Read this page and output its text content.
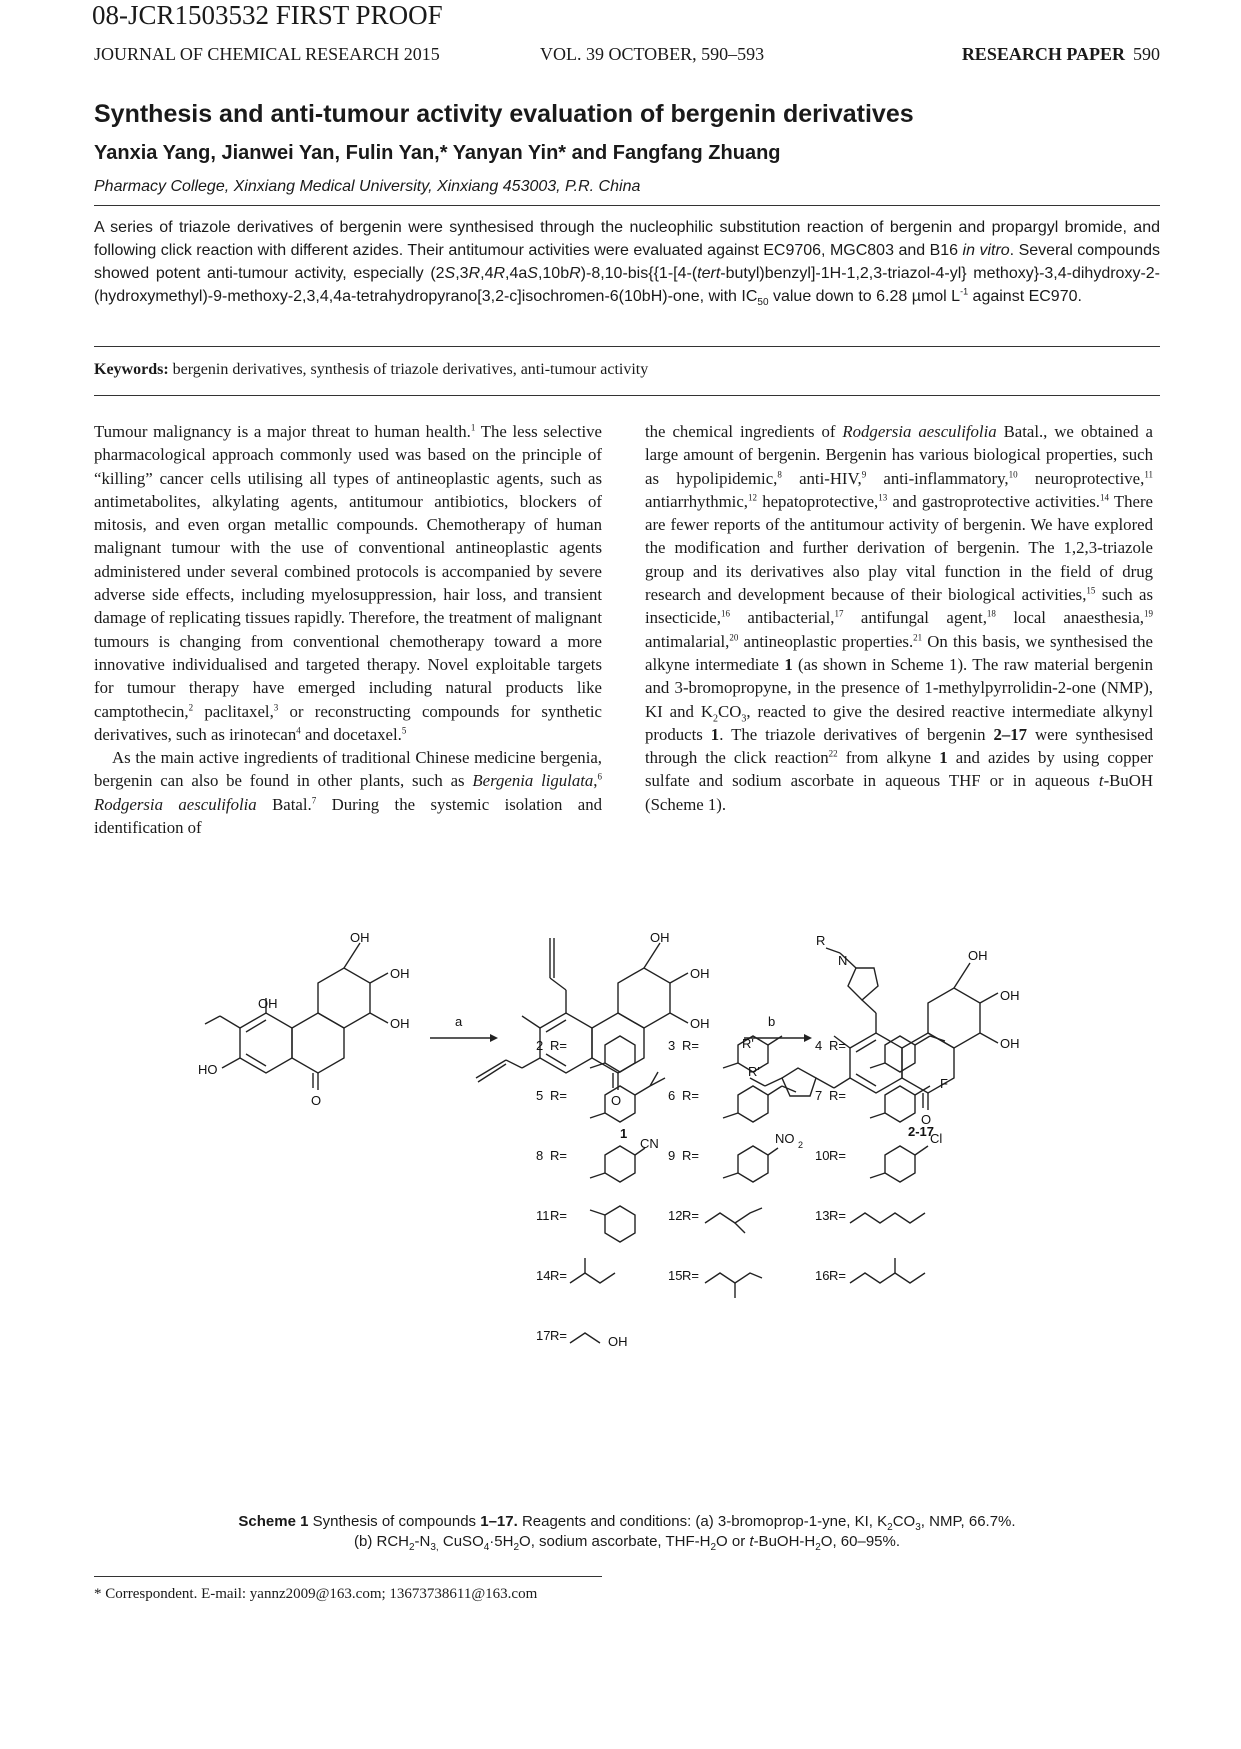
08-JCR1503532 FIRST PROOF
JOURNAL OF CHEMICAL RESEARCH 2015	VOL. 39 OCTOBER, 590–593	RESEARCH PAPER 590
Synthesis and anti-tumour activity evaluation of bergenin derivatives
Yanxia Yang, Jianwei Yan, Fulin Yan,* Yanyan Yin* and Fangfang Zhuang
Pharmacy College, Xinxiang Medical University, Xinxiang 453003, P.R. China
A series of triazole derivatives of bergenin were synthesised through the nucleophilic substitution reaction of bergenin and propargyl bromide, and following click reaction with different azides. Their antitumour activities were evaluated against EC9706, MGC803 and B16 in vitro. Several compounds showed potent anti-tumour activity, especially (2S,3R,4R,4aS,10bR)-8,10-bis{{1-[4-(tert-butyl)benzyl]-1H-1,2,3-triazol-4-yl} methoxy}-3,4-dihydroxy-2-(hydroxymethyl)-9-methoxy-2,3,4,4a-tetrahydropyrano[3,2-c]isochromen-6(10bH)-one, with $IC_{50}$ value down to 6.28 µmol $L^{-1}$ against EC970.
Keywords: bergenin derivatives, synthesis of triazole derivatives, anti-tumour activity

Tumour malignancy is a major threat to human health.$^1$ The less selective pharmacological approach commonly used was based on the principle of “killing” cancer cells utilising all types of antineoplastic agents, such as antimetabolites, alkylating agents, antitumour antibiotics, blockers of mitosis, and even organ metallic compounds. Chemotherapy of human malignant tumour with the use of conventional antineoplastic agents administered under several combined protocols is accompanied by severe adverse side effects, including myelosuppression, hair loss, and transient damage of replicating tissues rapidly. Therefore, the treatment of malignant tumours is changing from conventional chemotherapy toward a more innovative individualised and targeted therapy. Novel exploitable targets for tumour therapy have emerged including natural products like camptothecin,$^2$ paclitaxel,$^3$ or reconstructing compounds for synthetic derivatives, such as irinotecan$^4$ and docetaxel.$^5$

As the main active ingredients of traditional Chinese medicine bergenia, bergenin can also be found in other plants, such as Bergenia ligulata,$^6$ Rodgersia aesculifolia Batal.$^7$ During the systemic isolation and identification of

the chemical ingredients of Rodgersia aesculifolia Batal., we obtained a large amount of bergenin. Bergenin has various biological properties, such as hypolipidemic,$^8$ anti-HIV,$^9$ anti-inflammatory,$^{10}$ neuroprotective,$^{11}$ antiarrhythmic,$^{12}$ hepatoprotective,$^{13}$ and gastroprotective activities.$^{14}$ There are fewer reports of the antitumour activity of bergenin. We have explored the modification and further derivation of bergenin. The 1,2,3-triazole group and its derivatives also play vital function in the field of drug research and development because of their biological activities,$^{15}$ such as insecticide,$^{16}$ antibacterial,$^{17}$ antifungal agent,$^{18}$ local anaesthesia,$^{19}$ antimalarial,$^{20}$ antineoplastic properties.$^{21}$ On this basis, we synthesised the alkyne intermediate 1 (as shown in Scheme 1). The raw material bergenin and 3-bromopropyne, in the presence of 1-methylpyrrolidin-2-one (NMP), KI and $K_2CO_3$, reacted to give the desired reactive intermediate alkynyl products 1. The triazole derivatives of bergenin 2–17 were synthesised through the click reaction$^{22}$ from alkyne 1 and azides by using copper sulfate and sodium ascorbate in aqueous THF or in aqueous t-BuOH (Scheme 1).

OH
OH
OH
OH
HO
O
a
OH
OH
OH
O
1
b
R
N	OH
OH
OH
R'
O
2-17
R'
2 R=	3 R=	4 R=
5 R=	6 R=	7 R=
F
8 R=
CN
9 R=
NO 2
10 R=
Cl
11 R=	12 R=	13 R=
14 R=	15 R=	16 R=
17 R=	OH
Scheme 1 Synthesis of compounds 1–17. Reagents and conditions: (a) 3-bromoprop-1-yne, KI, $K_2CO_3$, NMP, 66.7%.
(b) $RCH_2-N_{3,}$ $CuSO_4\cdot 5H_2O$, sodium ascorbate, THF-$H_2O$ or $t-BuOH-H_2O$, 60–95%.
* Correspondent. E-mail: yannz2009@163.com; 13673738611@163.com
